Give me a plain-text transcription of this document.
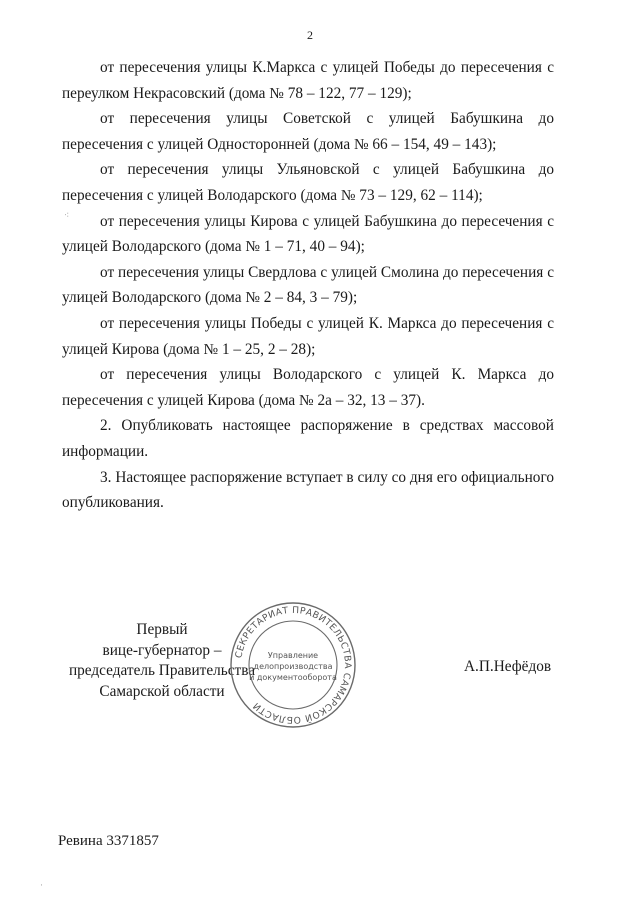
2

от пересечения улицы К.Маркса с улицей Победы до пересечения с переулком Некрасовский (дома № 78 – 122, 77 – 129);

от пересечения улицы Советской с улицей Бабушкина до пересечения с улицей Односторонней (дома № 66 – 154, 49 – 143);

от пересечения улицы Ульяновской с улицей Бабушкина до пересечения с улицей Володарского (дома № 73 – 129, 62 – 114);

от пересечения улицы Кирова с улицей Бабушкина до пересечения с улицей Володарского (дома № 1 – 71, 40 – 94);

от пересечения улицы Свердлова с улицей Смолина до пересечения с улицей Володарского (дома № 2 – 84, 3 – 79);

от пересечения улицы Победы с улицей К. Маркса до пересечения с улицей Кирова (дома № 1 – 25, 2 – 28);

от пересечения улицы Володарского с улицей К. Маркса до пересечения с улицей Кирова (дома № 2а – 32, 13 – 37).

2. Опубликовать настоящее распоряжение в средствах массовой информации.

3. Настоящее распоряжение вступает в силу со дня его официального опубликования.

Первый
вице-губернатор –
председатель Правительства
Самарской области
А.П.Нефёдов
СЕКРЕТАРИАТ ПРАВИТЕЛЬСТВА САМАРСКОЙ ОБЛАСТИ
Управление
делопроизводства
и документооборота
Ревина 3371857
⁖
·
